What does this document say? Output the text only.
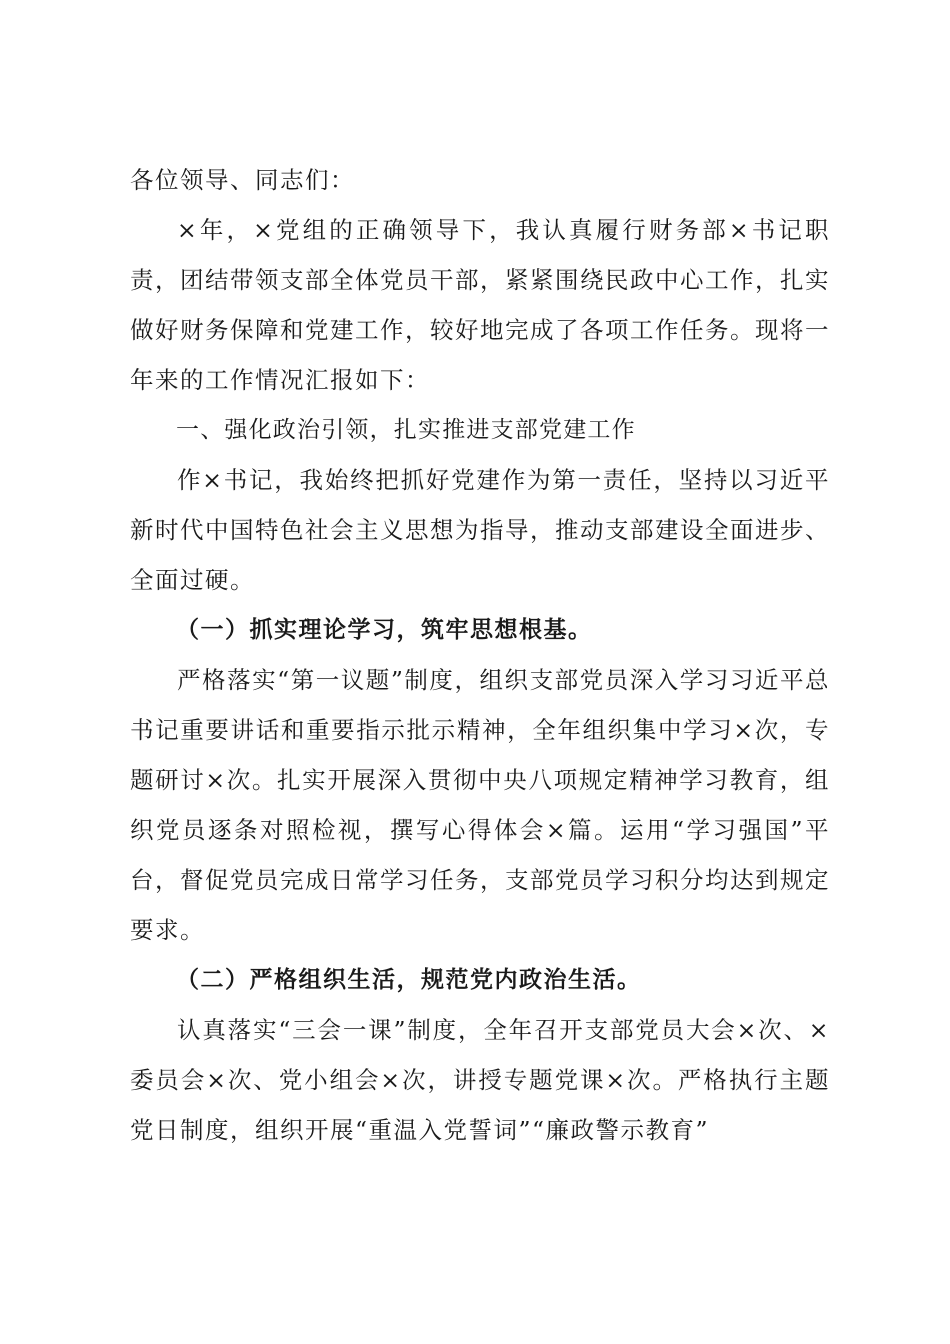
各位领导、同志们：

×年，×党组的正确领导下，我认真履行财务部×书记职责，团结带领支部全体党员干部，紧紧围绕民政中心工作，扎实做好财务保障和党建工作，较好地完成了各项工作任务。现将一年来的工作情况汇报如下：

一、强化政治引领，扎实推进支部党建工作

作×书记，我始终把抓好党建作为第一责任，坚持以习近平新时代中国特色社会主义思想为指导，推动支部建设全面进步、全面过硬。

（一）抓实理论学习，筑牢思想根基。

严格落实“第一议题”制度，组织支部党员深入学习习近平总书记重要讲话和重要指示批示精神，全年组织集中学习×次，专题研讨×次。扎实开展深入贯彻中央八项规定精神学习教育，组织党员逐条对照检视，撰写心得体会×篇。运用“学习强国”平台，督促党员完成日常学习任务，支部党员学习积分均达到规定要求。

（二）严格组织生活，规范党内政治生活。

认真落实“三会一课”制度，全年召开支部党员大会×次、×委员会×次、党小组会×次，讲授专题党课×次。严格执行主题党日制度，组织开展“重温入党誓词”“廉政警示教育”
